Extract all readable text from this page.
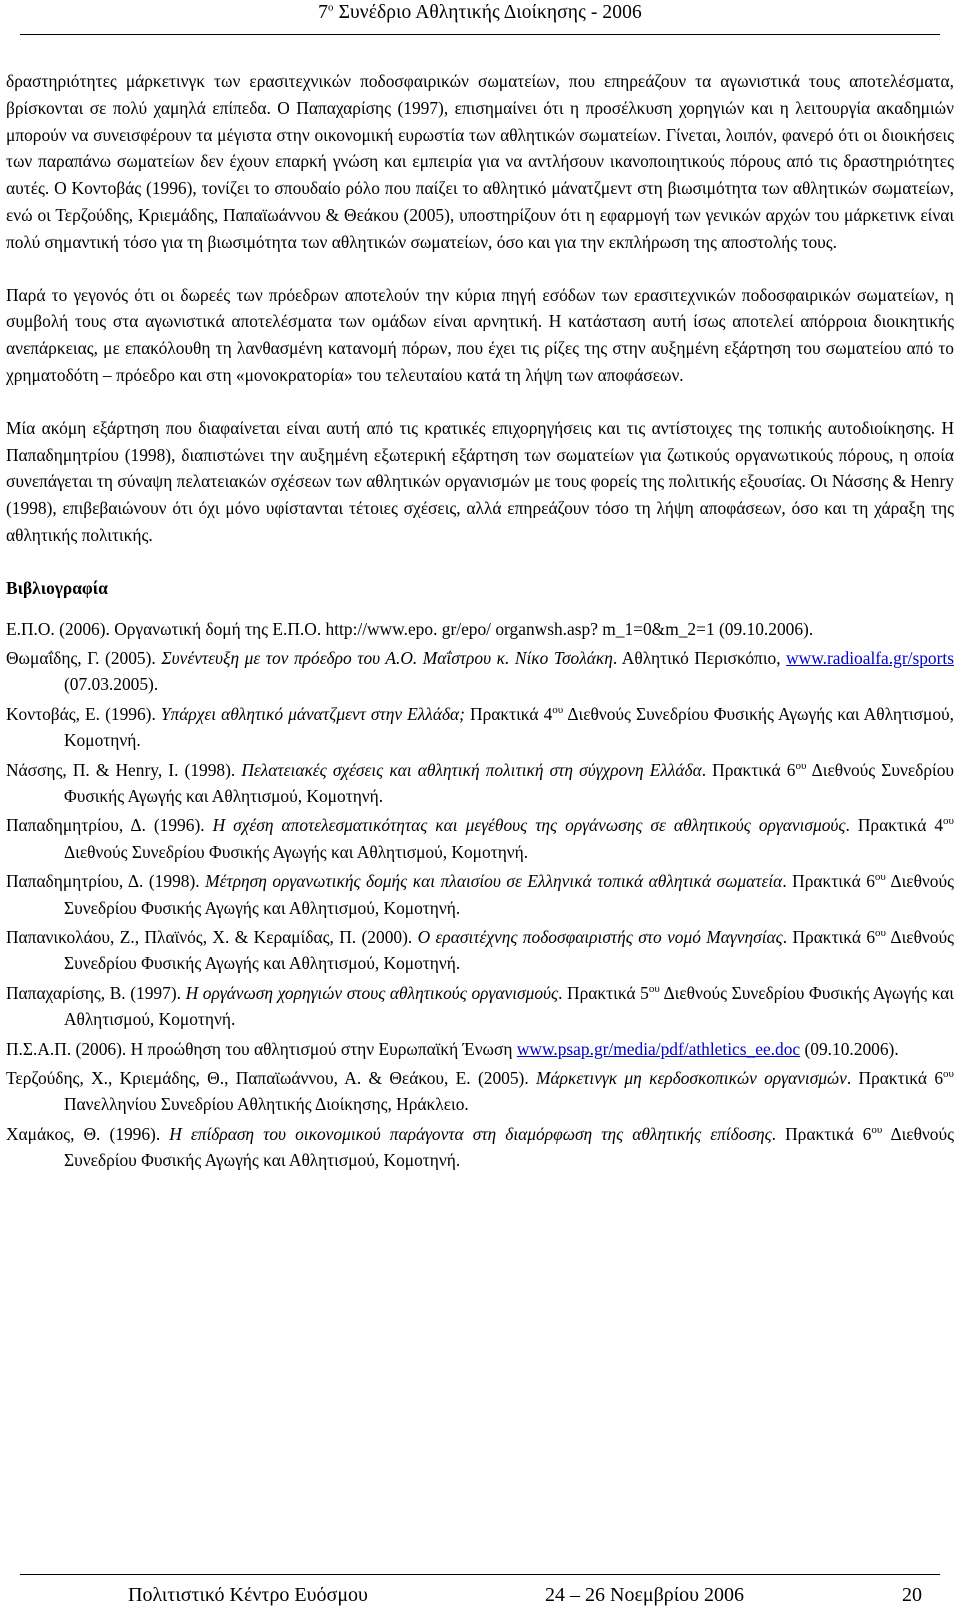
$7^o$ Συνέδριο Αθλητικής Διοίκησης - 2006

δραστηριότητες μάρκετινγκ των ερασιτεχνικών ποδοσφαιρικών σωματείων, που επηρεάζουν τα αγωνιστικά τους αποτελέσματα, βρίσκονται σε πολύ χαμηλά επίπεδα. Ο Παπαχαρίσης (1997), επισημαίνει ότι η προσέλκυση χορηγιών και η λειτουργία ακαδημιών μπορούν να συνεισφέρουν τα μέγιστα στην οικονομική ευρωστία των αθλητικών σωματείων. Γίνεται, λοιπόν, φανερό ότι οι διοικήσεις των παραπάνω σωματείων δεν έχουν επαρκή γνώση και εμπειρία για να αντλήσουν ικανοποιητικούς πόρους από τις δραστηριότητες αυτές. Ο Κοντοβάς (1996), τονίζει το σπουδαίο ρόλο που παίζει το αθλητικό μάνατζμεντ στη βιωσιμότητα των αθλητικών σωματείων, ενώ οι Τερζούδης, Κριεμάδης, Παπαϊωάννου & Θεάκου (2005), υποστηρίζουν ότι η εφαρμογή των γενικών αρχών του μάρκετινκ είναι πολύ σημαντική τόσο για τη βιωσιμότητα των αθλητικών σωματείων, όσο και για την εκπλήρωση της αποστολής τους.

Παρά το γεγονός ότι οι δωρεές των πρόεδρων αποτελούν την κύρια πηγή εσόδων των ερασιτεχνικών ποδοσφαιρικών σωματείων, η συμβολή τους στα αγωνιστικά αποτελέσματα των ομάδων είναι αρνητική. Η κατάσταση αυτή ίσως αποτελεί απόρροια διοικητικής ανεπάρκειας, με επακόλουθη τη λανθασμένη κατανομή πόρων, που έχει τις ρίζες της στην αυξημένη εξάρτηση του σωματείου από το χρηματοδότη – πρόεδρο και στη «μονοκρατορία» του τελευταίου κατά τη λήψη των αποφάσεων.

Μία ακόμη εξάρτηση που διαφαίνεται είναι αυτή από τις κρατικές επιχορηγήσεις και τις αντίστοιχες της τοπικής αυτοδιοίκησης. Η Παπαδημητρίου (1998), διαπιστώνει την αυξημένη εξωτερική εξάρτηση των σωματείων για ζωτικούς οργανωτικούς πόρους, η οποία συνεπάγεται τη σύναψη πελατειακών σχέσεων των αθλητικών οργανισμών με τους φορείς της πολιτικής εξουσίας. Οι Νάσσης & Henry (1998), επιβεβαιώνουν ότι όχι μόνο υφίστανται τέτοιες σχέσεις, αλλά επηρεάζουν τόσο τη λήψη αποφάσεων, όσο και τη χάραξη της αθλητικής πολιτικής.

Βιβλιογραφία
Ε.Π.Ο. (2006). Οργανωτική δομή της Ε.Π.Ο. http://www.epo. gr/epo/ organwsh.asp? m_1=0&m_2=1 (09.10.2006).
Θωμαΐδης, Γ. (2005). Συνέντευξη με τον πρόεδρο του Α.Ο. Μαΐστρου κ. Νίκο Τσολάκη. Αθλητικό Περισκόπιο, www.radioalfa.gr/sports (07.03.2005).
Κοντοβάς, Ε. (1996). Υπάρχει αθλητικό μάνατζμεντ στην Ελλάδα; Πρακτικά $4^{o\upsilon}$ Διεθνούς Συνεδρίου Φυσικής Αγωγής και Αθλητισμού, Κομοτηνή.
Νάσσης, Π. & Henry, Ι. (1998). Πελατειακές σχέσεις και αθλητική πολιτική στη σύγχρονη Ελλάδα. Πρακτικά $6^{o\upsilon}$ Διεθνούς Συνεδρίου Φυσικής Αγωγής και Αθλητισμού, Κομοτηνή.
Παπαδημητρίου, Δ. (1996). Η σχέση αποτελεσματικότητας και μεγέθους της οργάνωσης σε αθλητικούς οργανισμούς. Πρακτικά $4^{o\upsilon}$ Διεθνούς Συνεδρίου Φυσικής Αγωγής και Αθλητισμού, Κομοτηνή.
Παπαδημητρίου, Δ. (1998). Μέτρηση οργανωτικής δομής και πλαισίου σε Ελληνικά τοπικά αθλητικά σωματεία. Πρακτικά $6^{o\upsilon}$ Διεθνούς Συνεδρίου Φυσικής Αγωγής και Αθλητισμού, Κομοτηνή.
Παπανικολάου, Ζ., Πλαϊνός, Χ. & Κεραμίδας, Π. (2000). Ο ερασιτέχνης ποδοσφαιριστής στο νομό Μαγνησίας. Πρακτικά $6^{o\upsilon}$ Διεθνούς Συνεδρίου Φυσικής Αγωγής και Αθλητισμού, Κομοτηνή.
Παπαχαρίσης, Β. (1997). Η οργάνωση χορηγιών στους αθλητικούς οργανισμούς. Πρακτικά $5^{o\upsilon}$ Διεθνούς Συνεδρίου Φυσικής Αγωγής και Αθλητισμού, Κομοτηνή.
Π.Σ.Α.Π. (2006). Η προώθηση του αθλητισμού στην Ευρωπαϊκή Ένωση www.psap.gr/media/pdf/athletics_ee.doc (09.10.2006).
Τερζούδης, Χ., Κριεμάδης, Θ., Παπαϊωάννου, Α. & Θεάκου, Ε. (2005). Μάρκετινγκ μη κερδοσκοπικών οργανισμών. Πρακτικά $6^{o\upsilon}$ Πανελληνίου Συνεδρίου Αθλητικής Διοίκησης, Ηράκλειο.
Χαμάκος, Θ. (1996). Η επίδραση του οικονομικού παράγοντα στη διαμόρφωση της αθλητικής επίδοσης. Πρακτικά $6^{o\upsilon}$ Διεθνούς Συνεδρίου Φυσικής Αγωγής και Αθλητισμού, Κομοτηνή.
Πολιτιστικό Κέντρο Ευόσμου	24 – 26 Νοεμβρίου 2006	20
